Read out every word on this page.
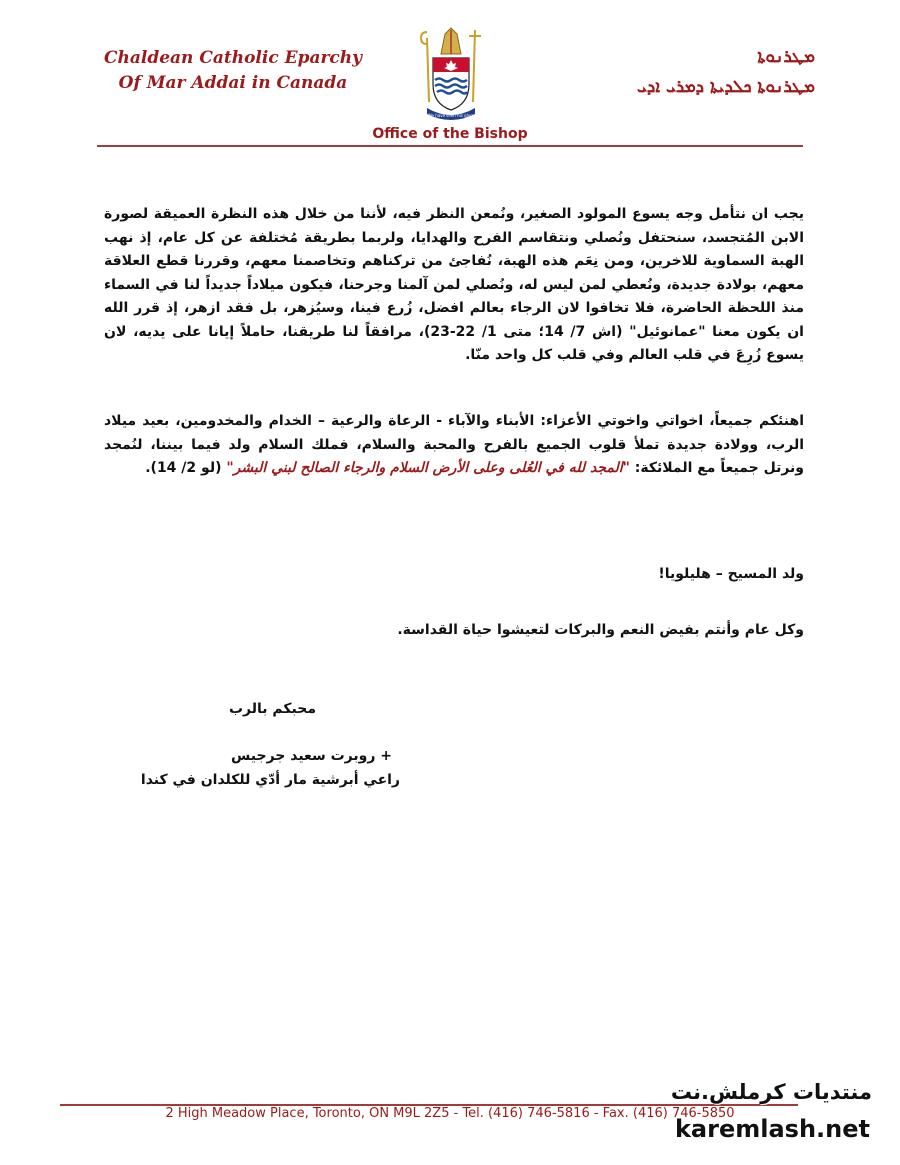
Chaldean Catholic Eparchy
Of Mar Addai in Canada
We have seen his glory
ܡܛܪܢܘܬܐ
ܡܛܪܢܘܬܐ ܟܠܕܝܬܐ ܕܡܪܝ ܐܕܝ
Office of the Bishop
يجب ان نتأمل وجه يسوع المولود الصغير، ونُمعن النظر فيه، لأننا من خلال هذه النظرة العميقة لصورة الابن المُتجسد، سنحتفل ونُصلي ونتقاسم الفرح والهدايا، ولربما بطريقة مُختلفة عن كل عام، إذ نهب الهبة السماوية للاخرين، ومن نِعَم هذه الهبة، نُفاجئ من تركناهم وتخاصمنا معهم، وقررنا قطع العلاقة معهم، بولادة جديدة، ونُعطي لمن ليس له، ونُصلي لمن آلمنا وجرحنا، فيكون ميلاداً جديداً لنا في السماء منذ اللحظة الحاضرة، فلا تخافوا لان الرجاء بعالم افضل، زُرع فينا، وسيُزهر، بل فقد ازهر، إذ قرر الله ان يكون معنا "عمانوئيل" (اش 7/ 14؛ متى 1/ 22-23)، مرافقاً لنا طريقنا، حاملاً إيانا على يديه، لان يسوع زُرِعَ في قلب العالم وفي قلب كل واحد منّا.
اهنئكم جميعاً، اخواتي واخوتي الأعزاء: الأبناء والآباء - الرعاة والرعية – الخدام والمخدومين، بعيد ميلاد الرب، وولادة جديدة تملأ قلوب الجميع بالفرح والمحبة والسلام، فملك السلام ولد فيما بيننا، لنُمجد ونرتل جميعاً مع الملائكة: "المجد لله في العُلى وعلى الأرض السلام والرجاء الصالح لبني البشر" (لو 2/ 14).
ولد المسيح – هليلويا!
وكل عام وأنتم بفيض النعم والبركات لتعيشوا حياة القداسة.
محبكم بالرب
+ روبرت سعيد جرجيس
راعي أبرشية مار أدّي للكلدان في كندا
2 High Meadow Place, Toronto, ON M9L 2Z5 - Tel. (416) 746-5816 - Fax. (416) 746-5850
منتديات كرملش.نت
karemlash.net
